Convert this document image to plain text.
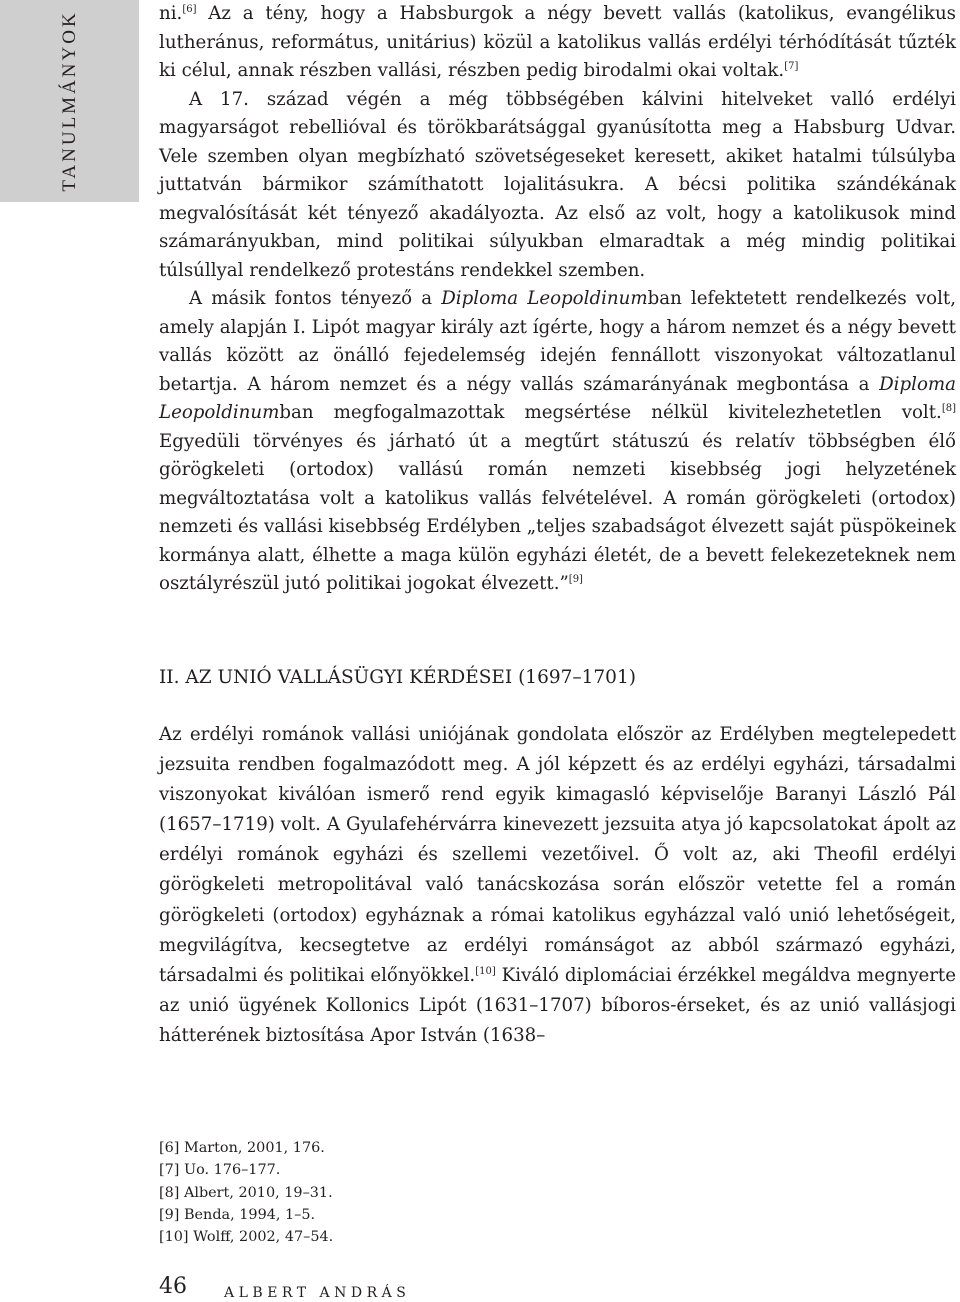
TANULMÁNYOK	ni.[6] Az a tény, hogy a Habsburgok a négy bevett vallás (katolikus, evangélikus lutheránus, református, unitárius) közül a katolikus vallás erdélyi térhódítását tűzték ki célul, annak részben vallási, részben pedig birodalmi okai voltak.[7]

A 17. század végén a még többségében kálvini hitelveket valló erdélyi magyarságot rebellióval és törökbarátsággal gyanúsította meg a Habsburg Udvar. Vele szemben olyan megbízható szövetségeseket keresett, akiket hatalmi túlsúlyba juttatván bármikor számíthatott lojalitásukra. A bécsi politika szándékának megvalósítását két tényező akadályozta. Az első az volt, hogy a katolikusok mind számarányukban, mind politikai súlyukban elmaradtak a még mindig politikai túlsúllyal rendelkező protestáns rendekkel szemben.

A másik fontos tényező a Diploma Leopoldinumban lefektetett rendelkezés volt, amely alapján I. Lipót magyar király azt ígérte, hogy a három nemzet és a négy bevett vallás között az önálló fejedelemség idején fennállott viszonyokat változatlanul betartja. A három nemzet és a négy vallás számarányának megbontása a Diploma Leopoldinumban megfogalmazottak megsértése nélkül kivitelezhetetlen volt.[8] Egyedüli törvényes és járható út a megtűrt státuszú és relatív többségben élő görögkeleti (ortodox) vallású román nemzeti kisebbség jogi helyzetének megváltoztatása volt a katolikus vallás felvételével. A román görögkeleti (ortodox) nemzeti és vallási kisebbség Erdélyben „teljes szabadságot élvezett saját püspökeinek kormánya alatt, élhette a maga külön egyházi életét, de a bevett felekezeteknek nem osztályrészül jutó politikai jogokat élvezett.”[9]

II. AZ UNIÓ VALLÁSÜGYI KÉRDÉSEI (1697–1701)

Az erdélyi románok vallási uniójának gondolata először az Erdélyben megtelepedett jezsuita rendben fogalmazódott meg. A jól képzett és az erdélyi egyházi, társadalmi viszonyokat kiválóan ismerő rend egyik kimagasló képviselője Baranyi László Pál (1657–1719) volt. A Gyulafehérvárra kinevezett jezsuita atya jó kapcsolatokat ápolt az erdélyi románok egyházi és szellemi vezetőivel. Ő volt az, aki Theofil erdélyi görögkeleti metropolitával való tanácskozása során először vetette fel a román görögkeleti (ortodox) egyháznak a római katolikus egyházzal való unió lehetőségeit, megvilágítva, kecsegtetve az erdélyi románságot az abból származó egyházi, társadalmi és politikai előnyökkel.[10] Kiváló diplomáciai érzékkel megáldva megnyerte az unió ügyének Kollonics Lipót (1631–1707) bíboros-érseket, és az unió vallásjogi hátterének biztosítása Apor István (1638–

[6] Marton, 2001, 176.
[7] Uo. 176–177.
[8] Albert, 2010, 19–31.
[9] Benda, 1994, 1–5.
[10] Wolff, 2002, 47–54.
46	ALBERT ANDRÁS
